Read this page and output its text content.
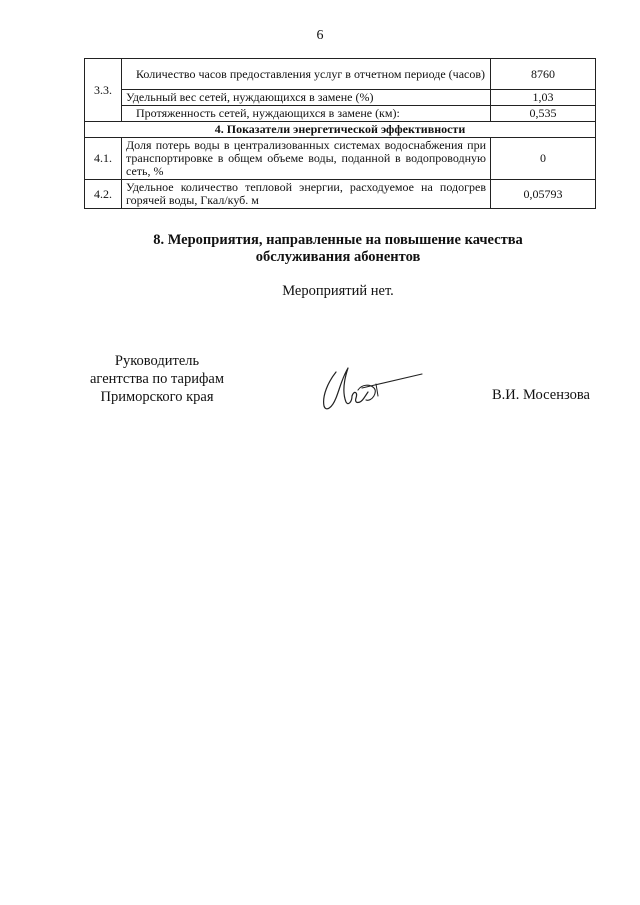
6
3.3.	Количество часов предоставления услуг в отчетном периоде (часов)	8760
	Удельный вес сетей, нуждающихся в замене (%)	1,03
	Протяженность сетей, нуждающихся в замене (км):	0,535
4. Показатели энергетической эффективности		
4.1.	Доля потерь воды в централизованных системах водоснабжения при транспортировке в общем объеме воды, поданной в водопроводную сеть, %	0
4.2.	Удельное количество тепловой энергии, расходуемое на подогрев горячей воды, Гкал/куб. м	0,05793
8. Мероприятия, направленные на повышение качества
обслуживания абонентов
Мероприятий нет.
Руководитель
агентства по тарифам
Приморского края	В.И. Мосензова
